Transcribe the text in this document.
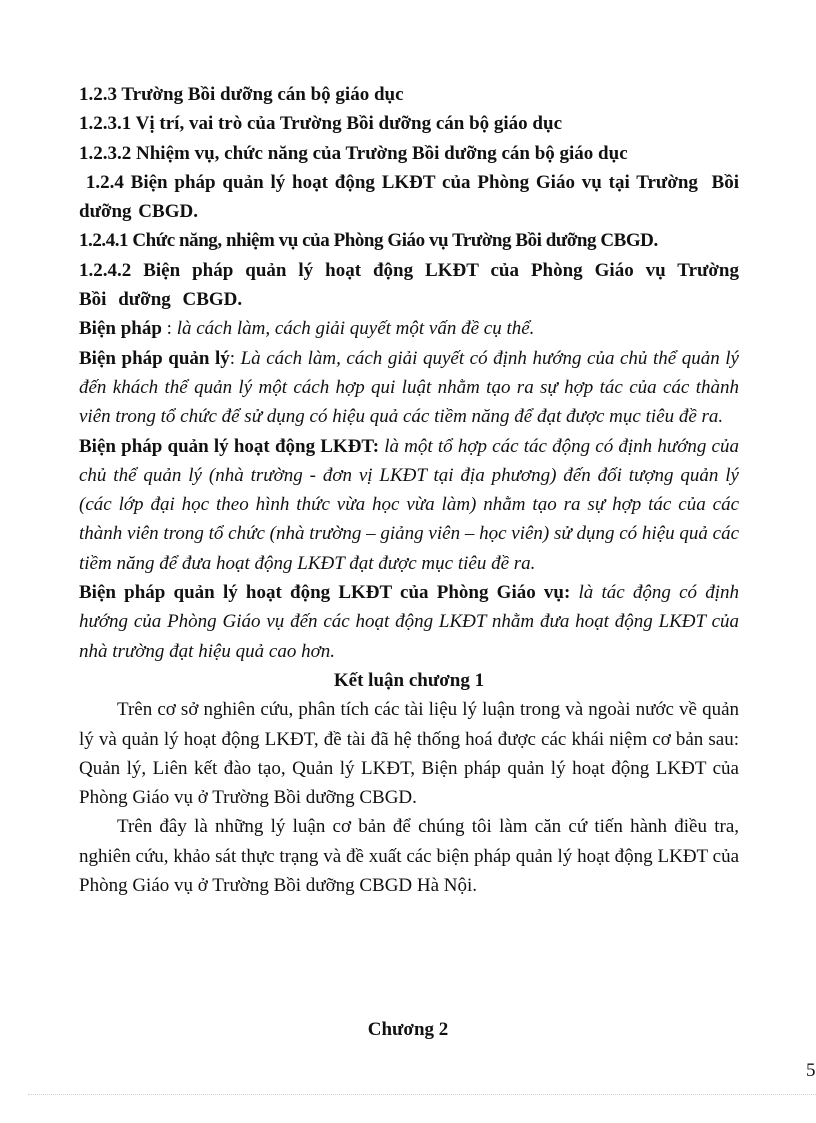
1.2.3 Trường Bồi dưỡng cán bộ giáo dục

1.2.3.1 Vị trí, vai trò của Trường Bồi dưỡng cán bộ giáo dục

1.2.3.2 Nhiệm vụ, chức năng của Trường Bồi dưỡng cán bộ giáo dục

1.2.4 Biện pháp quản lý hoạt động LKĐT của Phòng Giáo vụ tại Trường  Bồi dưỡng CBGD.

1.2.4.1 Chức năng, nhiệm vụ của Phòng Giáo vụ Trường Bồi dưỡng CBGD.

1.2.4.2 Biện pháp quản lý hoạt động LKĐT của Phòng Giáo vụ Trường Bồi dưỡng CBGD.

Biện pháp : là cách làm, cách giải quyết một vấn đề cụ thể.

Biện pháp quản lý: Là cách làm, cách giải quyết có định hướng của chủ thể quản lý đến khách thể quản lý một cách hợp qui luật nhằm tạo ra sự hợp tác của các thành viên trong tổ chức để sử dụng có hiệu quả các tiềm năng để đạt được mục tiêu đề ra.

Biện pháp quản lý hoạt động LKĐT: là một tổ hợp các tác động có định hướng của chủ thể quản lý (nhà trường - đơn vị LKĐT tại địa phương) đến đối tượng quản lý (các lớp đại học theo hình thức vừa học vừa làm) nhằm tạo ra sự hợp tác của các thành viên trong tổ chức (nhà trường – giảng viên – học viên) sử dụng có hiệu quả các tiềm năng để đưa hoạt động LKĐT đạt được mục tiêu đề ra.

Biện pháp quản lý hoạt động LKĐT của Phòng Giáo vụ: là tác động có định hướng của Phòng Giáo vụ đến các hoạt động LKĐT nhằm đưa hoạt động LKĐT của nhà trường đạt hiệu quả cao hơn.

Kết luận chương 1

Trên cơ sở nghiên cứu, phân tích các tài liệu lý luận trong và ngoài nước về quản lý và quản lý hoạt động LKĐT, đề tài đã hệ thống hoá được các khái niệm cơ bản sau: Quản lý, Liên kết đào tạo, Quản lý LKĐT, Biện pháp quản lý hoạt động LKĐT của Phòng Giáo vụ ở Trường Bồi dưỡng CBGD.

Trên đây là những lý luận cơ bản để chúng tôi làm căn cứ tiến hành điều tra, nghiên cứu, khảo sát thực trạng và đề xuất các biện pháp quản lý hoạt động LKĐT của Phòng Giáo vụ ở Trường Bồi dưỡng CBGD Hà Nội.

Chương 2
5
